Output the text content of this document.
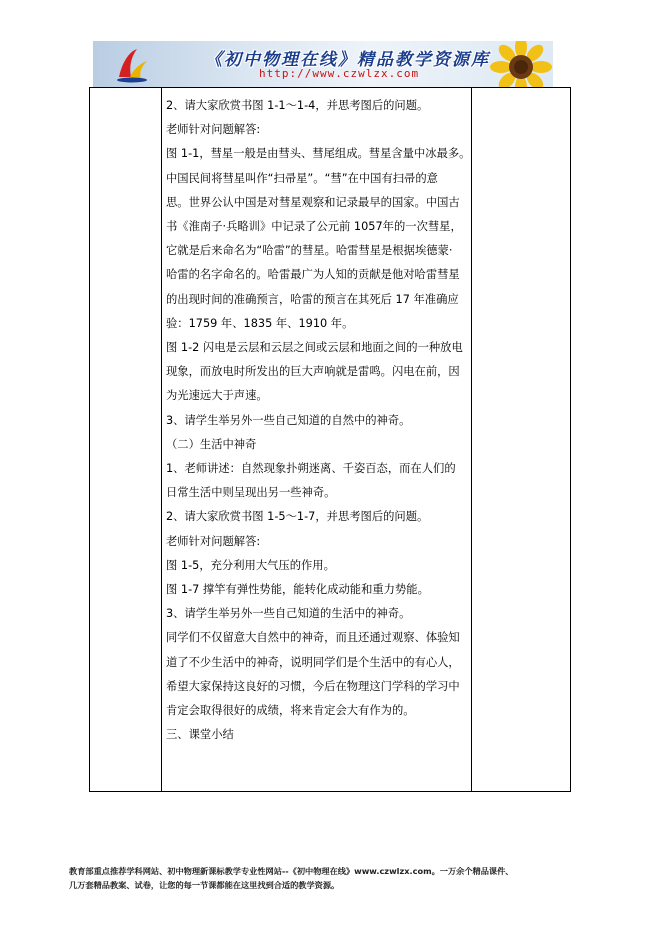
《初中物理在线》精品教学资源库
http://www.czwlzx.com

2、请大家欣赏书图 1-1～1-4，并思考图后的问题。

老师针对问题解答:

图 1-1，彗星一般是由彗头、彗尾组成。彗星含量中冰最多。

中国民间将彗星叫作“扫帚星”。“彗”在中国有扫帚的意

思。世界公认中国是对彗星观察和记录最早的国家。中国古

书《淮南子·兵略训》中记录了公元前 1057年的一次彗星，

它就是后来命名为“哈雷”的彗星。哈雷彗星是根据埃德蒙·

哈雷的名字命名的。哈雷最广为人知的贡献是他对哈雷彗星

的出现时间的准确预言，哈雷的预言在其死后 17 年准确应

验：1759 年、1835 年、1910 年。

图 1-2 闪电是云层和云层之间或云层和地面之间的一种放电

现象，而放电时所发出的巨大声响就是雷鸣。闪电在前，因

为光速远大于声速。

3、请学生举另外一些自己知道的自然中的神奇。

（二）生活中神奇

1、老师讲述：自然现象扑朔迷离、千姿百态，而在人们的

日常生活中则呈现出另一些神奇。

2、请大家欣赏书图 1-5～1-7，并思考图后的问题。

老师针对问题解答:

图 1-5，充分利用大气压的作用。

图 1-7 撑竿有弹性势能，能转化成动能和重力势能。

3、请学生举另外一些自己知道的生活中的神奇。

同学们不仅留意大自然中的神奇，而且还通过观察、体验知

道了不少生活中的神奇，说明同学们是个生活中的有心人，

希望大家保持这良好的习惯，今后在物理这门学科的学习中

肯定会取得很好的成绩，将来肯定会大有作为的。

三、课堂小结

教育部重点推荐学科网站、初中物理新课标教学专业性网站--《初中物理在线》www.czwlzx.com。一万余个精品课件、

几万套精品教案、试卷，让您的每一节课都能在这里找到合适的教学资源。
